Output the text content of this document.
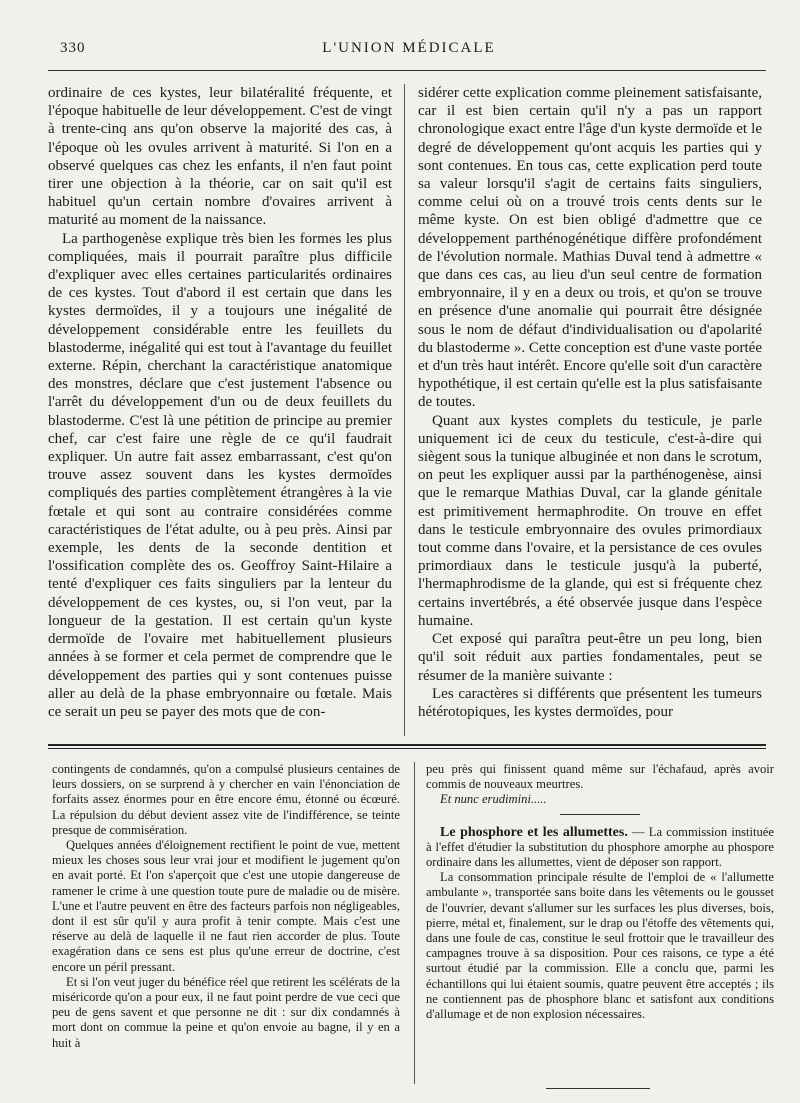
330	L'UNION MÉDICALE

ordinaire de ces kystes, leur bilatéralité fréquente, et l'époque habituelle de leur développement. C'est de vingt à trente-cinq ans qu'on observe la majorité des cas, à l'époque où les ovules arrivent à maturité. Si l'on en a observé quelques cas chez les enfants, il n'en faut point tirer une objection à la théorie, car on sait qu'il est habituel qu'un certain nombre d'ovaires arrivent à maturité au moment de la naissance.

La parthogenèse explique très bien les formes les plus compliquées, mais il pourrait paraître plus difficile d'expliquer avec elles certaines particularités ordinaires de ces kystes. Tout d'abord il est certain que dans les kystes dermoïdes, il y a toujours une inégalité de développement considérable entre les feuillets du blastoderme, inégalité qui est tout à l'avantage du feuillet externe. Répin, cherchant la caractéristique anatomique des monstres, déclare que c'est justement l'absence ou l'arrêt du développement d'un ou de deux feuillets du blastoderme. C'est là une pétition de principe au premier chef, car c'est faire une règle de ce qu'il faudrait expliquer. Un autre fait assez embarrassant, c'est qu'on trouve assez souvent dans les kystes dermoïdes compliqués des parties complètement étrangères à la vie fœtale et qui sont au contraire considérées comme caractéristiques de l'état adulte, ou à peu près. Ainsi par exemple, les dents de la seconde dentition et l'ossification complète des os. Geoffroy Saint-Hilaire a tenté d'expliquer ces faits singuliers par la lenteur du développement de ces kystes, ou, si l'on veut, par la longueur de la gestation. Il est certain qu'un kyste dermoïde de l'ovaire met habituellement plusieurs années à se former et cela permet de comprendre que le développement des parties qui y sont contenues puisse aller au delà de la phase embryonnaire ou fœtale. Mais ce serait un peu se payer des mots que de con-

sidérer cette explication comme pleinement satisfaisante, car il est bien certain qu'il n'y a pas un rapport chronologique exact entre l'âge d'un kyste dermoïde et le degré de développement qu'ont acquis les parties qui y sont contenues. En tous cas, cette explication perd toute sa valeur lorsqu'il s'agit de certains faits singuliers, comme celui où on a trouvé trois cents dents sur le même kyste. On est bien obligé d'admettre que ce développement parthénogénétique diffère profondément de l'évolution normale. Mathias Duval tend à admettre « que dans ces cas, au lieu d'un seul centre de formation embryonnaire, il y en a deux ou trois, et qu'on se trouve en présence d'une anomalie qui pourrait être désignée sous le nom de défaut d'individualisation ou d'apolarité du blastoderme ». Cette conception est d'une vaste portée et d'un très haut intérêt. Encore qu'elle soit d'un caractère hypothétique, il est certain qu'elle est la plus satisfaisante de toutes.

Quant aux kystes complets du testicule, je parle uniquement ici de ceux du testicule, c'est-à-dire qui siègent sous la tunique albuginée et non dans le scrotum, on peut les expliquer aussi par la parthénogenèse, ainsi que le remarque Mathias Duval, car la glande génitale est primitivement hermaphrodite. On trouve en effet dans le testicule embryonnaire des ovules primordiaux tout comme dans l'ovaire, et la persistance de ces ovules primordiaux dans le testicule jusqu'à la puberté, l'hermaphrodisme de la glande, qui est si fréquente chez certains invertébrés, a été observée jusque dans l'espèce humaine.

Cet exposé qui paraîtra peut-être un peu long, bien qu'il soit réduit aux parties fondamentales, peut se résumer de la manière suivante :

Les caractères si différents que présentent les tumeurs hétérotopiques, les kystes dermoïdes, pour

contingents de condamnés, qu'on a compulsé plusieurs centaines de leurs dossiers, on se surprend à y chercher en vain l'énonciation de forfaits assez énormes pour en être encore ému, étonné ou écœuré. La répulsion du début devient assez vite de l'indifférence, se teinte presque de commisération.

Quelques années d'éloignement rectifient le point de vue, mettent mieux les choses sous leur vrai jour et modifient le jugement qu'on en avait porté. Et l'on s'aperçoit que c'est une utopie dangereuse de ramener le crime à une question toute pure de maladie ou de misère. L'une et l'autre peuvent en être des facteurs parfois non négligeables, dont il est sûr qu'il y aura profit à tenir compte. Mais c'est une réserve au delà de laquelle il ne faut rien accorder de plus. Toute exagération dans ce sens est plus qu'une erreur de doctrine, c'est encore un péril pressant.

Et si l'on veut juger du bénéfice réel que retirent les scélérats de la miséricorde qu'on a pour eux, il ne faut point perdre de vue ceci que peu de gens savent et que personne ne dit : sur dix condamnés à mort dont on commue la peine et qu'on envoie au bagne, il y en a huit à

peu près qui finissent quand même sur l'échafaud, après avoir commis de nouveaux meurtres.

Et nunc erudimini.....

Le phosphore et les allumettes. — La commission instituée à l'effet d'étudier la substitution du phosphore amorphe au phospore ordinaire dans les allumettes, vient de déposer son rapport.

La consommation principale résulte de l'emploi de « l'allumette ambulante », transportée sans boite dans les vêtements ou le gousset de l'ouvrier, devant s'allumer sur les surfaces les plus diverses, bois, pierre, métal et, finalement, sur le drap ou l'étoffe des vêtements qui, dans une foule de cas, constitue le seul frottoir que le travailleur des campagnes trouve à sa disposition. Pour ces raisons, ce type a été surtout étudié par la commission. Elle a conclu que, parmi les échantillons qui lui étaient soumis, quatre peuvent être acceptés ; ils ne contiennent pas de phosphore blanc et satisfont aux conditions d'allumage et de non explosion nécessaires.
